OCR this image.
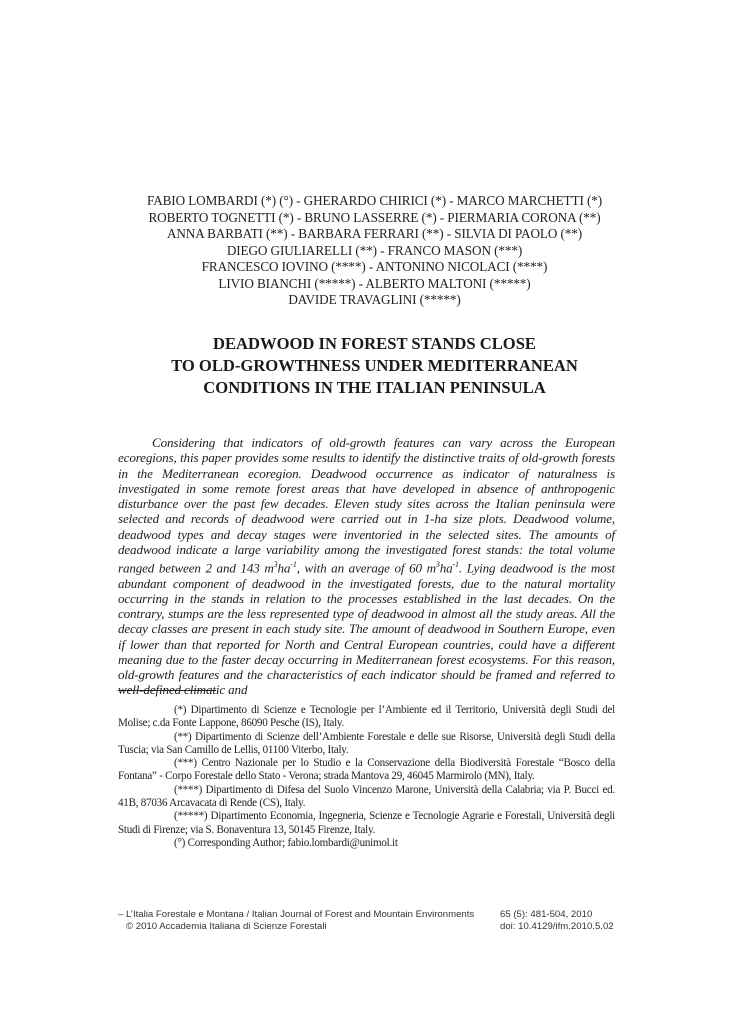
FABIO LOMBARDI (*) (°) - GHERARDO CHIRICI (*) - MARCO MARCHETTI (*)
ROBERTO TOGNETTI (*) - BRUNO LASSERRE (*) - PIERMARIA CORONA (**)
ANNA BARBATI (**) - BARBARA FERRARI (**) - SILVIA DI PAOLO (**)
DIEGO GIULIARELLI (**) - FRANCO MASON (***)
FRANCESCO IOVINO (****) - ANTONINO NICOLACI (****)
LIVIO BIANCHI (*****) - ALBERTO MALTONI (*****)
DAVIDE TRAVAGLINI (*****)
DEADWOOD IN FOREST STANDS CLOSE
TO OLD-GROWTHNESS UNDER MEDITERRANEAN
CONDITIONS IN THE ITALIAN PENINSULA

Considering that indicators of old-growth features can vary across the European ecoregions, this paper provides some results to identify the distinctive traits of old-growth forests in the Mediterranean ecoregion. Deadwood occurrence as indicator of naturalness is investigated in some remote forest areas that have developed in absence of anthropogenic disturbance over the past few decades. Eleven study sites across the Italian peninsula were selected and records of deadwood were carried out in 1-ha size plots. Deadwood volume, deadwood types and decay stages were inventoried in the selected sites. The amounts of deadwood indicate a large variability among the investigated forest stands: the total volume ranged between 2 and 143 $m^3ha^{-1}$, with an average of 60 $m^3ha^{-1}$. Lying deadwood is the most abundant component of deadwood in the investigated forests, due to the natural mortality occurring in the stands in relation to the processes established in the last decades. On the contrary, stumps are the less represented type of deadwood in almost all the study areas. All the decay classes are present in each study site. The amount of deadwood in Southern Europe, even if lower than that reported for North and Central European countries, could have a different meaning due to the faster decay occurring in Mediterranean forest ecosystems. For this reason, old-growth features and the characteristics of each indicator should be framed and referred to well-defined climatic and

(*) Dipartimento di Scienze e Tecnologie per l’Ambiente ed il Territorio, Università degli Studi del Molise; c.da Fonte Lappone, 86090 Pesche (IS), Italy.

(**) Dipartimento di Scienze dell’Ambiente Forestale e delle sue Risorse, Università degli Studi della Tuscia; via San Camillo de Lellis, 01100 Viterbo, Italy.

(***) Centro Nazionale per lo Studio e la Conservazione della Biodiversità Forestale “Bosco della Fontana” - Corpo Forestale dello Stato - Verona; strada Mantova 29, 46045 Marmirolo (MN), Italy.

(****) Dipartimento di Difesa del Suolo Vincenzo Marone, Università della Calabria; via P. Bucci ed. 41B, 87036 Arcavacata di Rende (CS), Italy.

(*****) Dipartimento Economia, Ingegneria, Scienze e Tecnologie Agrarie e Forestali, Università degli Studi di Firenze; via S. Bonaventura 13, 50145 Firenze, Italy.

(°) Corresponding Author; fabio.lombardi@unimol.it

– L’Italia Forestale e Montana / Italian Journal of Forest and Mountain Environments
© 2010 Accademia Italiana di Scienze Forestali
65 (5): 481-504, 2010
doi: 10.4129/ifm.2010.5.02
